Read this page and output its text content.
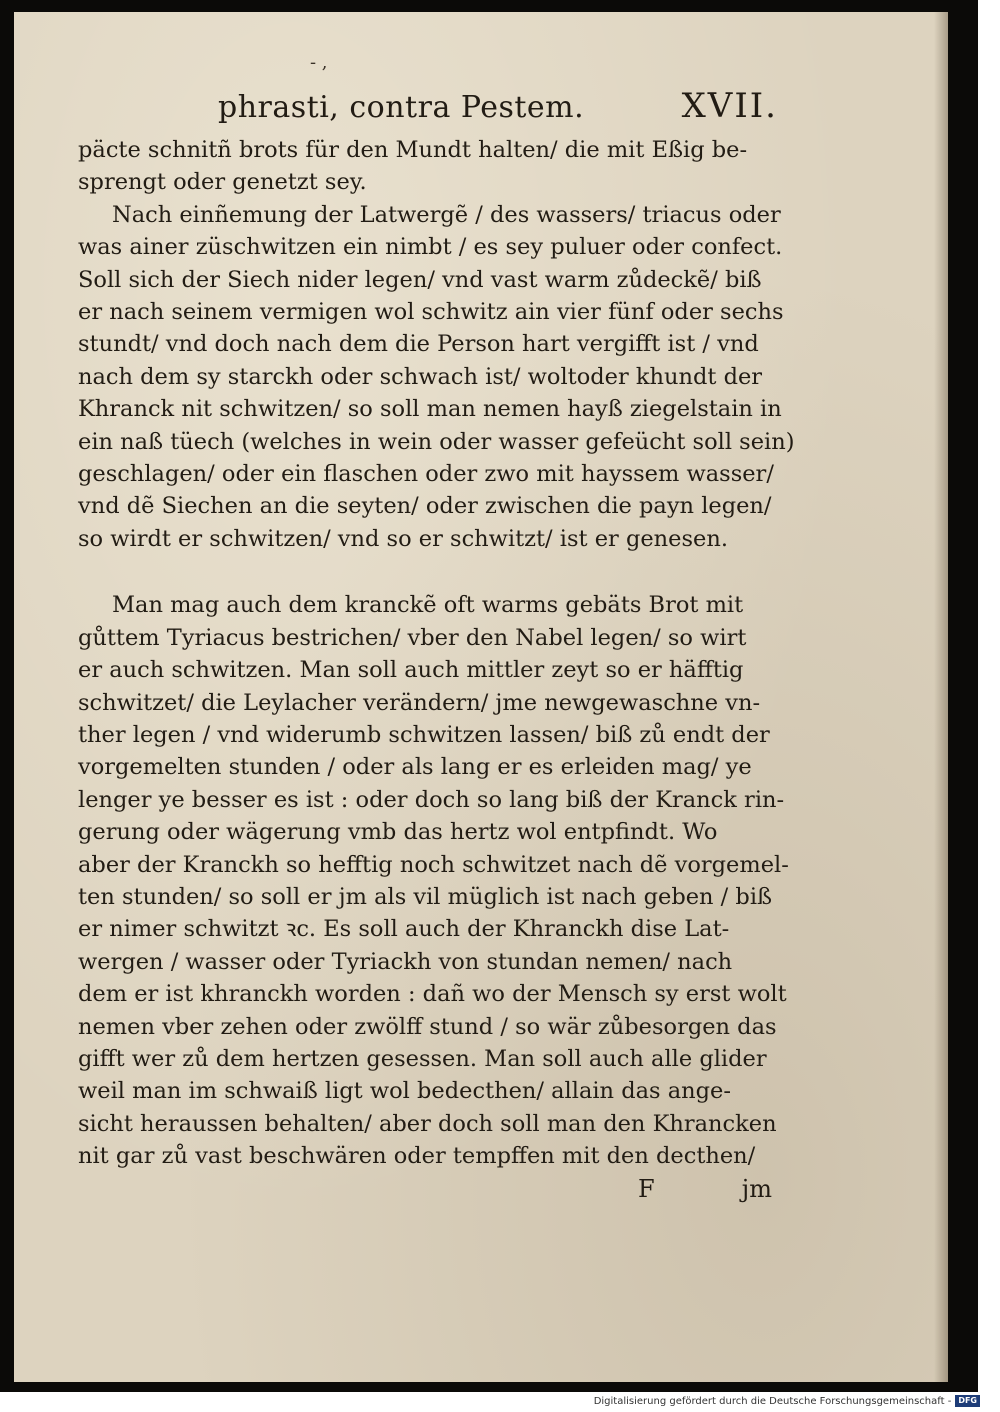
- ,
phrasti, contra Pestem.	XVII.

päcte schnitñ brots für den Mundt halten/ die mit Eßig be-
sprengt oder genetzt sey.
Nach einñemung der Latwergẽ / des wassers/ triacus oder
was ainer züschwitzen ein nimbt / es sey puluer oder confect.
Soll sich der Siech nider legen/ vnd vast warm zůdeckẽ/ biß
er nach seinem vermigen wol schwitz ain vier fünf oder sechs
stundt/ vnd doch nach dem die Person hart vergifft ist / vnd
nach dem sy starckh oder schwach ist/ woltoder khundt der
Khranck nit schwitzen/ so soll man nemen hayß ziegelstain in
ein naß tüech (welches in wein oder wasser gefeücht soll sein)
geschlagen/ oder ein flaschen oder zwo mit hayssem wasser/
vnd dẽ Siechen an die seyten/ oder zwischen die payn legen/
so wirdt er schwitzen/ vnd so er schwitzt/ ist er genesen.

Man mag auch dem kranckẽ oft warms gebäts Brot mit
gůttem Tyriacus bestrichen/ vber den Nabel legen/ so wirt
er auch schwitzen. Man soll auch mittler zeyt so er häfftig
schwitzet/ die Leylacher verändern/ jme newgewaschne vn-
ther legen / vnd widerumb schwitzen lassen/ biß zů endt der
vorgemelten stunden / oder als lang er es erleiden mag/ ye
lenger ye besser es ist : oder doch so lang biß der Kranck rin-
gerung oder wägerung vmb das hertz wol entpfindt. Wo
aber der Kranckh so hefftig noch schwitzet nach dẽ vorgemel-
ten stunden/ so soll er jm als vil müglich ist nach geben / biß
er nimer schwitzt ꝛc. Es soll auch der Khranckh dise Lat-
wergen / wasser oder Tyriackh von stundan nemen/ nach
dem er ist khranckh worden : dañ wo der Mensch sy erst wolt
nemen vber zehen oder zwölff stund / so wär zůbesorgen das
gifft wer zů dem hertzen gesessen. Man soll auch alle glider
weil man im schwaiß ligt wol bedecthen/ allain das ange-
sicht heraussen behalten/ aber doch soll man den Khrancken
nit gar zů vast beschwären oder tempffen mit den decthen/

F	jm
Digitalisierung gefördert durch die Deutsche Forschungsgemeinschaft - DFG
